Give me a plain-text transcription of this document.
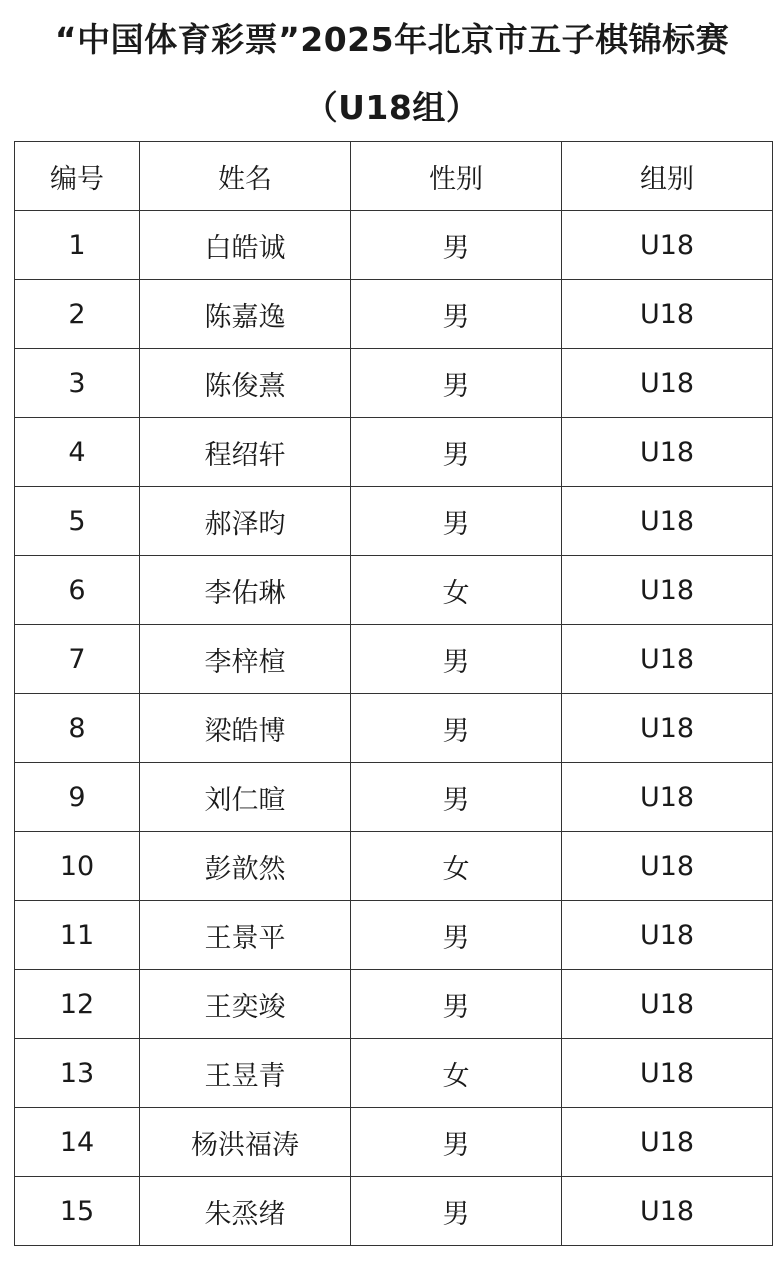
“中国体育彩票”2025年北京市五子棋锦标赛
（U18组）
编号	姓名	性别	组别
1	白皓诚	男	U18
2	陈嘉逸	男	U18
3	陈俊熹	男	U18
4	程绍轩	男	U18
5	郝泽昀	男	U18
6	李佑琳	女	U18
7	李梓楦	男	U18
8	梁皓博	男	U18
9	刘仁暄	男	U18
10	彭歆然	女	U18
11	王景平	男	U18
12	王奕竣	男	U18
13	王昱青	女	U18
14	杨洪福涛	男	U18
15	朱烝绪	男	U18
